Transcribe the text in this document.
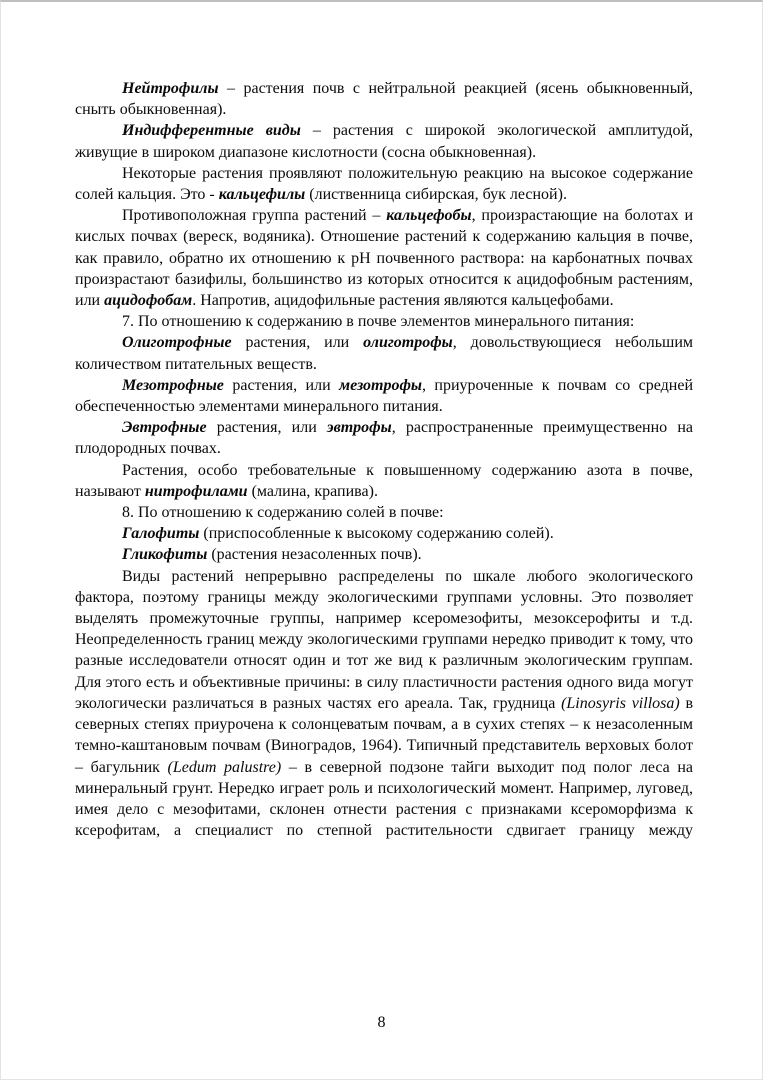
Нейтрофилы – растения почв с нейтральной реакцией (ясень обыкновенный, сныть обыкновенная).

Индифферентные виды – растения с широкой экологической амплитудой, живущие в широком диапазоне кислотности (сосна обыкновенная).

Некоторые растения проявляют положительную реакцию на высокое содержание солей кальция. Это - кальцефилы (лиственница сибирская, бук лесной).

Противоположная группа растений – кальцефобы, произрастающие на болотах и кислых почвах (вереск, водяника). Отношение растений к содержанию кальция в почве, как правило, обратно их отношению к рН почвенного раствора: на карбонатных почвах произрастают базифилы, большинство из которых относится к ацидофобным растениям, или ацидофобам. Напротив, ацидофильные растения являются кальцефобами.

7. По отношению к содержанию в почве элементов минерального питания:

Олиготрофные растения, или олиготрофы, довольствующиеся небольшим количеством питательных веществ.

Мезотрофные растения, или мезотрофы, приуроченные к почвам со средней обеспеченностью элементами минерального питания.

Эвтрофные растения, или эвтрофы, распространенные преимущественно на плодородных почвах.

Растения, особо требовательные к повышенному содержанию азота в почве, называют нитрофилами (малина, крапива).

8. По отношению к содержанию солей в почве:

Галофиты (приспособленные к высокому содержанию солей).

Гликофиты (растения незасоленных почв).

Виды растений непрерывно распределены по шкале любого экологического фактора, поэтому границы между экологическими группами условны. Это позволяет выделять промежуточные группы, например ксеромезофиты, мезоксерофиты и т.д. Неопределенность границ между экологическими группами нередко приводит к тому, что разные исследователи относят один и тот же вид к различным экологическим группам. Для этого есть и объективные причины: в силу пластичности растения одного вида могут экологически различаться в разных частях его ареала. Так, грудница (Linosyris villosa) в северных степях приурочена к солонцеватым почвам, а в сухих степях – к незасоленным темно-каштановым почвам (Виноградов, 1964). Типичный представитель верховых болот – багульник (Ledum palustre) – в северной подзоне тайги выходит под полог леса на минеральный грунт. Нередко играет роль и психологический момент. Например, луговед, имея дело с мезофитами, склонен отнести растения с признаками ксероморфизма к ксерофитам, а специалист по степной растительности сдвигает границу между

8
